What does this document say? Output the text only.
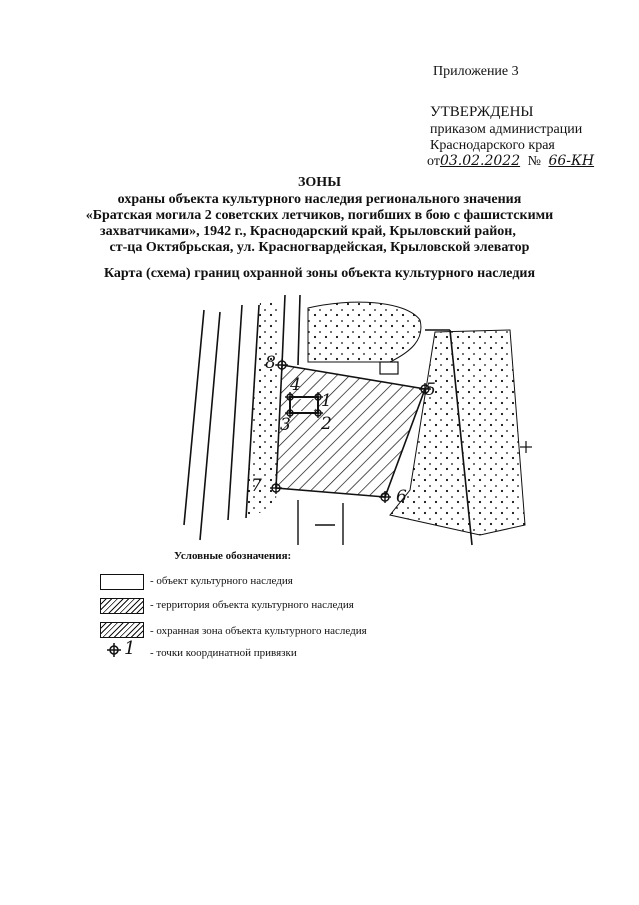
Приложение 3
УТВЕРЖДЕНЫ
приказом администрации
Краснодарского края
от03.02.2022 № 66-КН
ЗОНЫ
охраны объекта культурного наследия регионального значения
«Братская могила 2 советских летчиков, погибших в бою с фашистскими
захватчиками», 1942 г., Краснодарский край, Крыловский район,
ст-ца Октябрьская, ул. Красногвардейская, Крыловской элеватор
Карта (схема) границ охранной зоны объекта культурного наследия
1
2
3
4	5
6
7
8
Условные обозначения:
- объект культурного наследия
- территория объекта культурного наследия
- охранная зона объекта культурного наследия
1 - точки координатной привязки
